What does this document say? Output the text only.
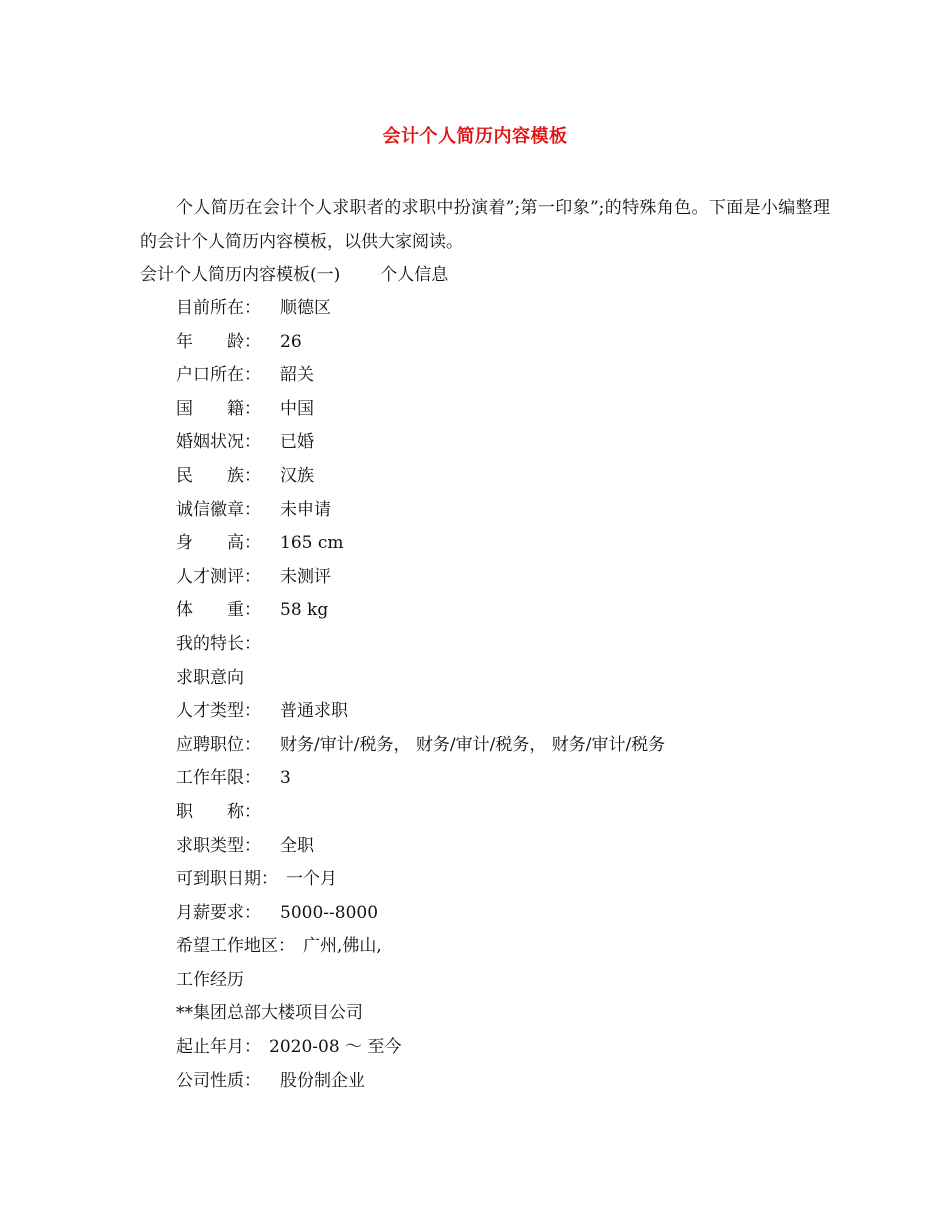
会计个人简历内容模板
个人简历在会计个人求职者的求职中扮演着”;第一印象”;的特殊角色。下面是小编整理的会计个人简历内容模板，以供大家阅读。
会计个人简历内容模板(一) 个人信息
目前所在： 顺德区
年　　龄： 26
户口所在： 韶关
国　　籍： 中国
婚姻状况： 已婚
民　　族： 汉族
诚信徽章： 未申请
身　　高： 165 cm
人才测评： 未测评
体　　重： 58 kg
我的特长：
求职意向
人才类型： 普通求职
应聘职位： 财务/审计/税务， 财务/审计/税务， 财务/审计/税务
工作年限： 3
职　　称：
求职类型： 全职
可到职日期： 一个月
月薪要求： 5000--8000
希望工作地区： 广州,佛山,
工作经历
**集团总部大楼项目公司
起止年月： 2020-08 ～ 至今
公司性质： 股份制企业
